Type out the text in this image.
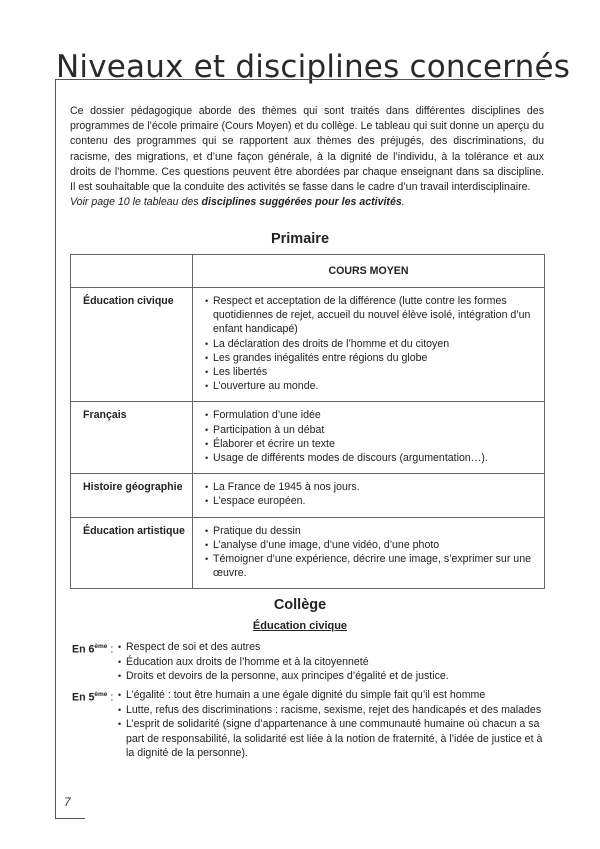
Niveaux et disciplines concernés

Ce dossier pédagogique aborde des thèmes qui sont traités dans différentes disciplines des programmes de l’école primaire (Cours Moyen) et du collège. Le tableau qui suit donne un aperçu du contenu des programmes qui se rapportent aux thèmes des préjugés, des discriminations, du racisme, des migrations, et d’une façon générale, à la dignité de l’individu, à la tolérance et aux droits de l’homme. Ces questions peuvent être abordées par chaque enseignant dans sa discipline. Il est souhaitable que la conduite des activités se fasse dans le cadre d’un travail interdisciplinaire.

Voir page 10 le tableau des disciplines suggérées pour les activités.

Primaire
	COURS MOYEN
Éducation civique	
•Respect et acceptation de la différence (lutte contre les formes quotidiennes de rejet, accueil du nouvel élève isolé, intégration d’un enfant handicapé)
• La déclaration des droits de l’homme et du citoyen
• Les grandes inégalités entre régions du globe
• Les libertés
• L’ouverture au monde.

Français	
•Formulation d’une idée
• Participation à un débat
• Élaborer et écrire un texte
• Usage de différents modes de discours (argumentation…).

Histoire géographie	
•La France de 1945 à nos jours.
• L’espace européen.

Éducation artistique	
•Pratique du dessin
• L’analyse d’une image, d’une vidéo, d’une photo
• Témoigner d’une expérience, décrire une image, s’exprimer sur une œuvre.
Collège
Éducation civique
En 6ème :	• Respect de soi et des autres
• Éducation aux droits de l’homme et à la citoyenneté
• Droits et devoirs de la personne, aux principes d’égalité et de justice.
En 5ème :	• L’égalité : tout être humain a une égale dignité du simple fait qu’il est homme
• Lutte, refus des discriminations : racisme, sexisme, rejet des handicapés et des malades
• L’esprit de solidarité (signe d’appartenance à une communauté humaine où chacun a sa part de responsabilité, la solidarité est liée à la notion de fraternité, à l’idée de justice et à la dignité de la personne).
7
